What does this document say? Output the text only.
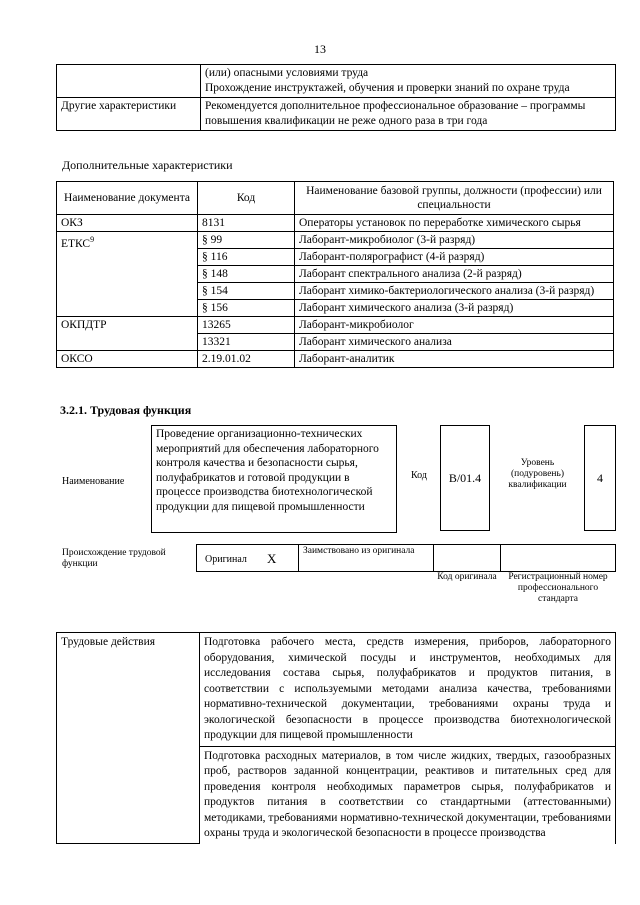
13

	(или) опасными условиями труда
Прохождение инструктажей, обучения и проверки знаний по охране труда

Другие характеристики	Рекомендуется дополнительное профессиональное образование – программы повышения квалификации не реже одного раза в три года
Дополнительные характеристики
Наименование документа	Код	Наименование базовой группы, должности (профессии) или специальности
ОКЗ	8131	Операторы установок по переработке химического сырья
ЕТКС$^9$	§ 99	Лаборант-микробиолог (3-й разряд)
	§ 116	Лаборант-полярографист (4-й разряд)
	§ 148	Лаборант спектрального анализа (2-й разряд)
	§ 154	Лаборант химико-бактериологического анализа (3-й разряд)
	§ 156	Лаборант химического анализа (3-й разряд)
ОКПДТР	13265	Лаборант-микробиолог
	13321	Лаборант химического анализа
ОКСО	2.19.01.02	Лаборант-аналитик
3.2.1. Трудовая функция
Наименование
Проведение организационно-технических мероприятий для обеспечения лабораторного контроля качества и безопасности сырья, полуфабрикатов и готовой продукции в процессе производства биотехнологической продукции для пищевой промышленности
Код	B/01.4
Уровень (подуровень) квалификации	4
Происхождение трудовой функции	Оригинал X	Заимствовано из оригинала
Код оригинала	Регистрационный номер профессионального стандарта
Трудовые действия	Подготовка рабочего места, средств измерения, приборов, лабораторного оборудования, химической посуды и инструментов, необходимых для исследования состава сырья, полуфабрикатов и продуктов питания, в соответствии с используемыми методами анализа качества, требованиями нормативно-технической документации, требованиями охраны труда и экологической безопасности в процессе производства биотехнологической продукции для пищевой промышленности
Подготовка расходных материалов, в том числе жидких, твердых, газообразных проб, растворов заданной концентрации, реактивов и питательных сред для проведения контроля необходимых параметров сырья, полуфабрикатов и продуктов питания в соответствии со стандартными (аттестованными) методиками, требованиями нормативно-технической документации, требованиями охраны труда и экологической безопасности в процессе производства
